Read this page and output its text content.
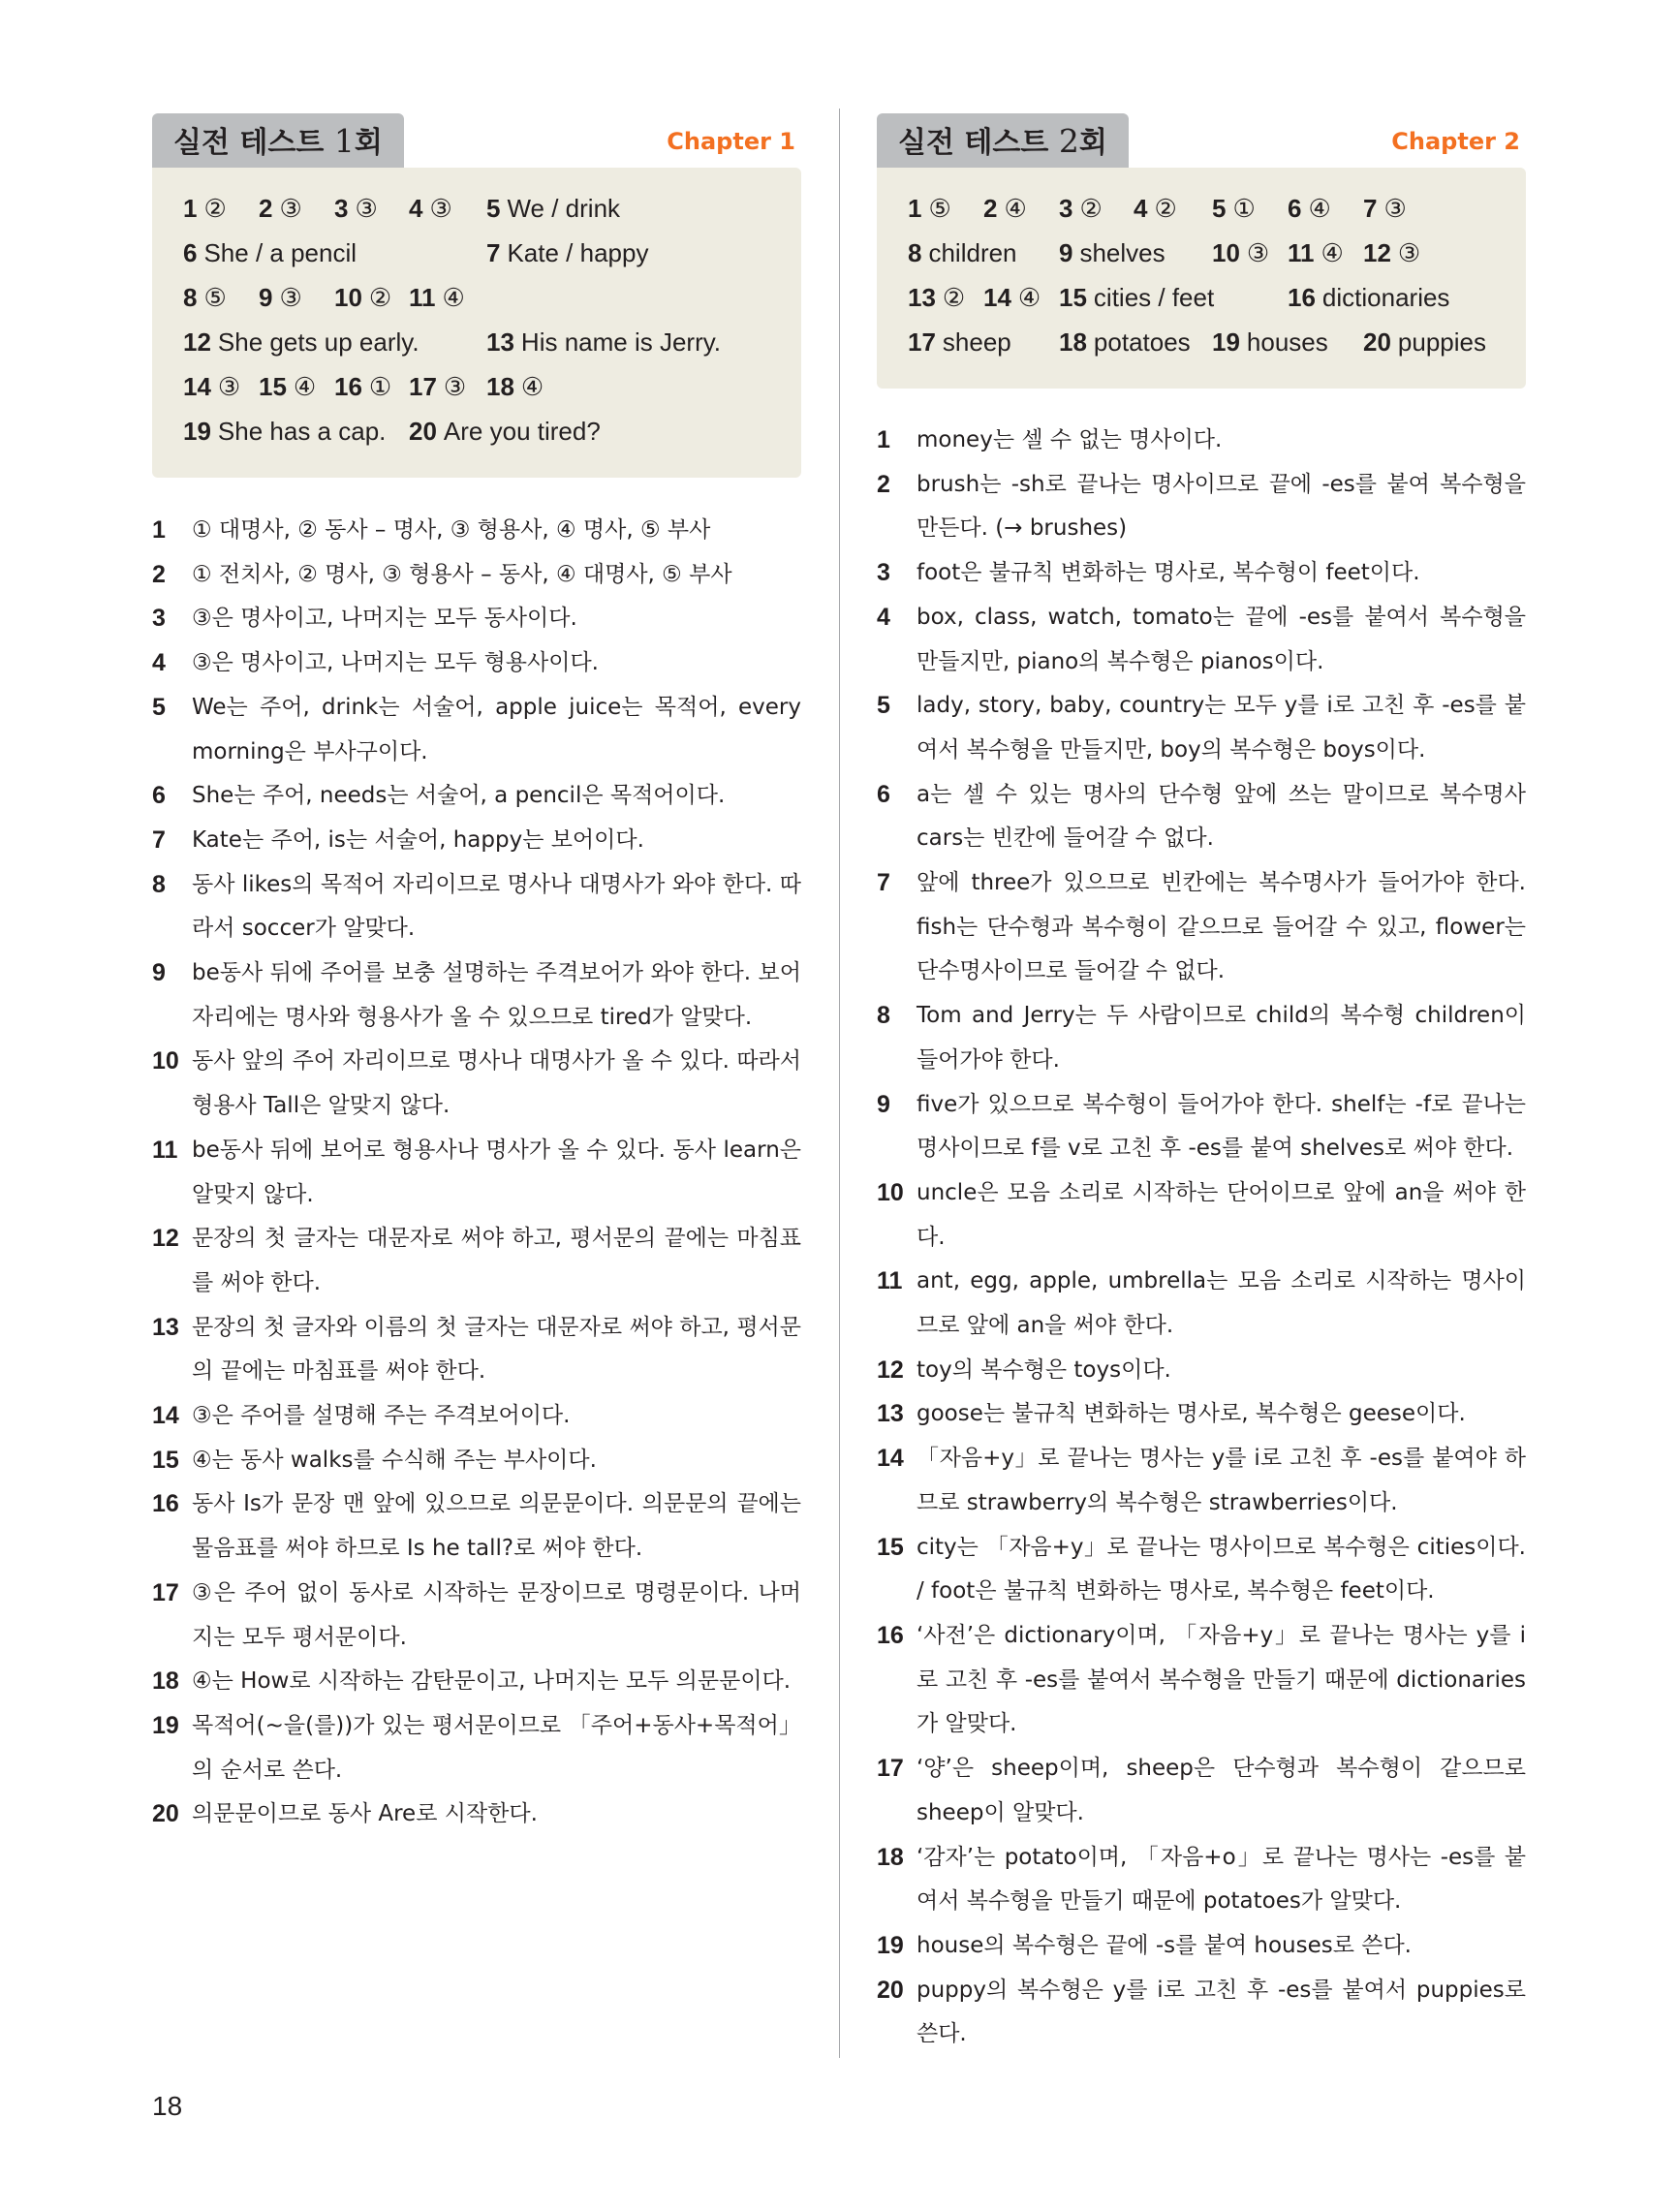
실전 테스트 1회	Chapter 1
1 ② 2 ③ 3 ③ 4 ③ 5 We / drink
6 She / a pencil	7 Kate / happy
8 ⑤ 9 ③ 10 ② 11 ④
12 She gets up early.	13 His name is Jerry.
14 ③ 15 ④ 16 ① 17 ③ 18 ④
19 She has a cap. 20 Are you tired?
1 ① 대명사, ② 동사 – 명사, ③ 형용사, ④ 명사, ⑤ 부사
2 ① 전치사, ② 명사, ③ 형용사 – 동사, ④ 대명사, ⑤ 부사
3 ③은 명사이고, 나머지는 모두 동사이다.
4 ③은 명사이고, 나머지는 모두 형용사이다.
5 We는 주어, drink는 서술어, apple juice는 목적어, every morning은 부사구이다.
6 She는 주어, needs는 서술어, a pencil은 목적어이다.
7 Kate는 주어, is는 서술어, happy는 보어이다.
8 동사 likes의 목적어 자리이므로 명사나 대명사가 와야 한다. 따라서 soccer가 알맞다.
9 be동사 뒤에 주어를 보충 설명하는 주격보어가 와야 한다. 보어 자리에는 명사와 형용사가 올 수 있으므로 tired가 알맞다.
10 동사 앞의 주어 자리이므로 명사나 대명사가 올 수 있다. 따라서 형용사 Tall은 알맞지 않다.
11 be동사 뒤에 보어로 형용사나 명사가 올 수 있다. 동사 learn은 알맞지 않다.
12 문장의 첫 글자는 대문자로 써야 하고, 평서문의 끝에는 마침표를 써야 한다.
13 문장의 첫 글자와 이름의 첫 글자는 대문자로 써야 하고, 평서문의 끝에는 마침표를 써야 한다.
14 ③은 주어를 설명해 주는 주격보어이다.
15 ④는 동사 walks를 수식해 주는 부사이다.
16 동사 Is가 문장 맨 앞에 있으므로 의문문이다. 의문문의 끝에는 물음표를 써야 하므로 Is he tall?로 써야 한다.
17 ③은 주어 없이 동사로 시작하는 문장이므로 명령문이다. 나머지는 모두 평서문이다.
18 ④는 How로 시작하는 감탄문이고, 나머지는 모두 의문문이다.
19 목적어(~을(를))가 있는 평서문이므로 「주어+동사+목적어」의 순서로 쓴다.
20 의문문이므로 동사 Are로 시작한다.
실전 테스트 2회	Chapter 2
1 ⑤ 2 ④ 3 ② 4 ② 5 ① 6 ④ 7 ③
8 children 9 shelves 10 ③ 11 ④ 12 ③
13 ② 14 ④ 15 cities / feet	16 dictionaries
17 sheep 18 potatoes 19 houses 20 puppies
1 money는 셀 수 없는 명사이다.
2 brush는 -sh로 끝나는 명사이므로 끝에 -es를 붙여 복수형을 만든다. (→ brushes)
3 foot은 불규칙 변화하는 명사로, 복수형이 feet이다.
4 box, class, watch, tomato는 끝에 -es를 붙여서 복수형을 만들지만, piano의 복수형은 pianos이다.
5 lady, story, baby, country는 모두 y를 i로 고친 후 -es를 붙여서 복수형을 만들지만, boy의 복수형은 boys이다.
6 a는 셀 수 있는 명사의 단수형 앞에 쓰는 말이므로 복수명사 cars는 빈칸에 들어갈 수 없다.
7 앞에 three가 있으므로 빈칸에는 복수명사가 들어가야 한다. fish는 단수형과 복수형이 같으므로 들어갈 수 있고, flower는 단수명사이므로 들어갈 수 없다.
8 Tom and Jerry는 두 사람이므로 child의 복수형 children이 들어가야 한다.
9 five가 있으므로 복수형이 들어가야 한다. shelf는 -f로 끝나는 명사이므로 f를 v로 고친 후 -es를 붙여 shelves로 써야 한다.
10 uncle은 모음 소리로 시작하는 단어이므로 앞에 an을 써야 한다.
11 ant, egg, apple, umbrella는 모음 소리로 시작하는 명사이므로 앞에 an을 써야 한다.
12 toy의 복수형은 toys이다.
13 goose는 불규칙 변화하는 명사로, 복수형은 geese이다.
14 「자음+y」로 끝나는 명사는 y를 i로 고친 후 -es를 붙여야 하므로 strawberry의 복수형은 strawberries이다.
15 city는 「자음+y」로 끝나는 명사이므로 복수형은 cities이다. / foot은 불규칙 변화하는 명사로, 복수형은 feet이다.
16 ‘사전’은 dictionary이며, 「자음+y」로 끝나는 명사는 y를 i로 고친 후 -es를 붙여서 복수형을 만들기 때문에 dictionaries가 알맞다.
17 ‘양’은 sheep이며, sheep은 단수형과 복수형이 같으므로 sheep이 알맞다.
18 ‘감자’는 potato이며, 「자음+o」로 끝나는 명사는 -es를 붙여서 복수형을 만들기 때문에 potatoes가 알맞다.
19 house의 복수형은 끝에 -s를 붙여 houses로 쓴다.
20 puppy의 복수형은 y를 i로 고친 후 -es를 붙여서 puppies로 쓴다.
18
